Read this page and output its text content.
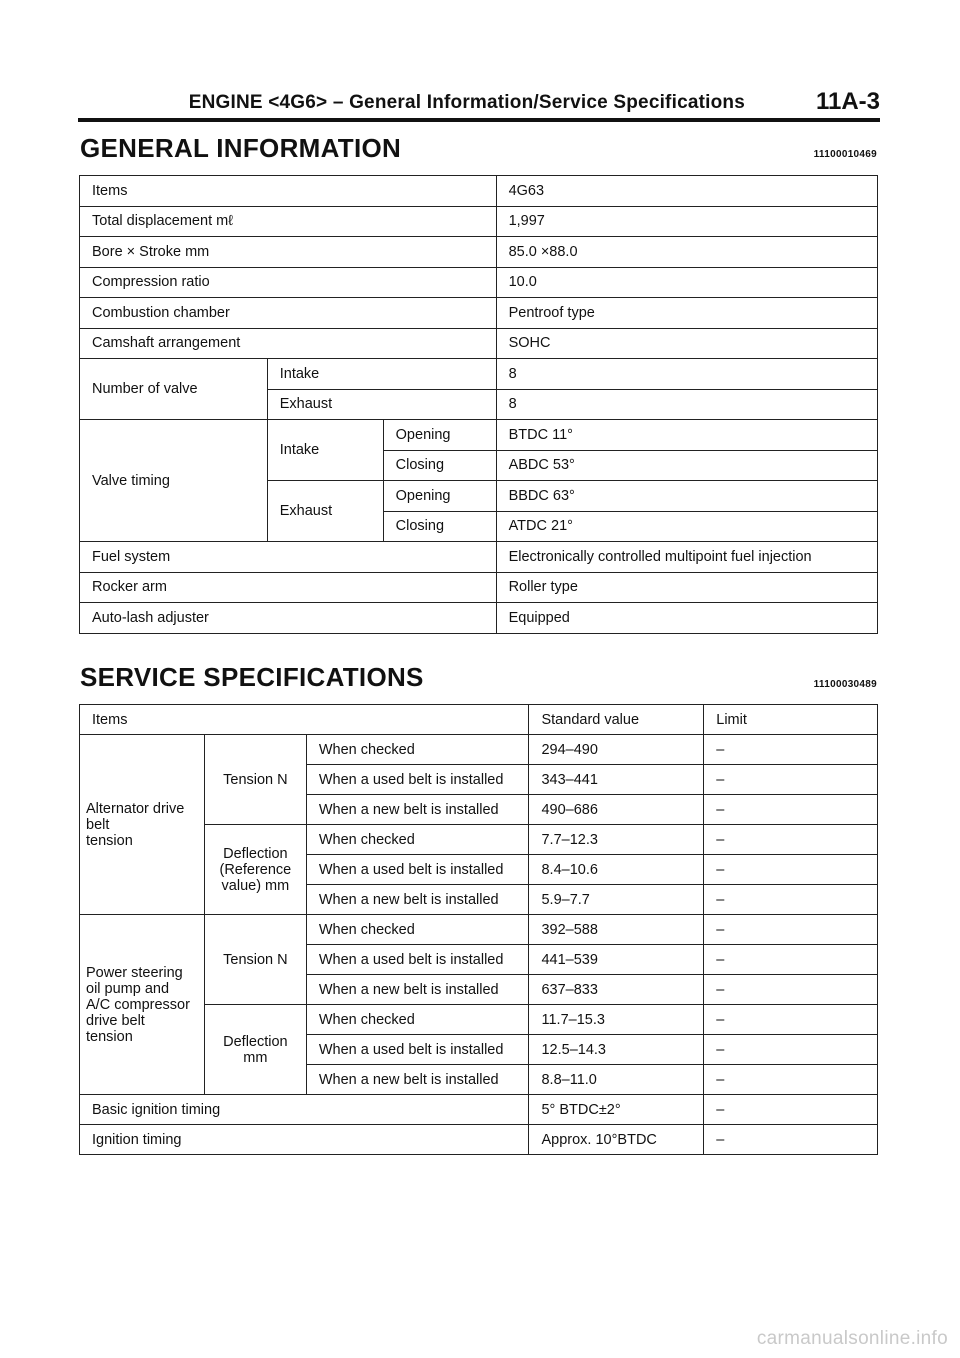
ENGINE <4G6> – General Information/Service Specifications	11A-3
GENERAL INFORMATION	11100010469
Items			4G63
Total displacement mℓ			1,997
Bore × Stroke mm			85.0 ×88.0
Compression ratio			10.0
Combustion chamber			Pentroof type
Camshaft arrangement			SOHC
Number of valve	Intake		8
	Exhaust		8
Valve timing	Intake	Opening	BTDC 11°
		Closing	ABDC 53°
	Exhaust	Opening	BBDC 63°
		Closing	ATDC 21°
Fuel system			Electronically controlled multipoint fuel injection
Rocker arm			Roller type
Auto-lash adjuster			Equipped
SERVICE SPECIFICATIONS	11100030489
Items			Standard value	Limit
Alternator drive
belt
tension	Tension N	When checked	294–490	–
		When a used belt is installed	343–441	–
		When a new belt is installed	490–686	–
	Deflection
(Reference
value) mm	When checked	7.7–12.3	–
		When a used belt is installed	8.4–10.6	–
		When a new belt is installed	5.9–7.7	–
Power steering
oil pump and
A/C compressor
drive belt
tension	Tension N	When checked	392–588	–
		When a used belt is installed	441–539	–
		When a new belt is installed	637–833	–
	Deflection
mm	When checked	11.7–15.3	–
		When a used belt is installed	12.5–14.3	–
		When a new belt is installed	8.8–11.0	–
Basic ignition timing			5° BTDC±2°	–
Ignition timing			Approx. 10°BTDC	–
carmanualsonline.info
